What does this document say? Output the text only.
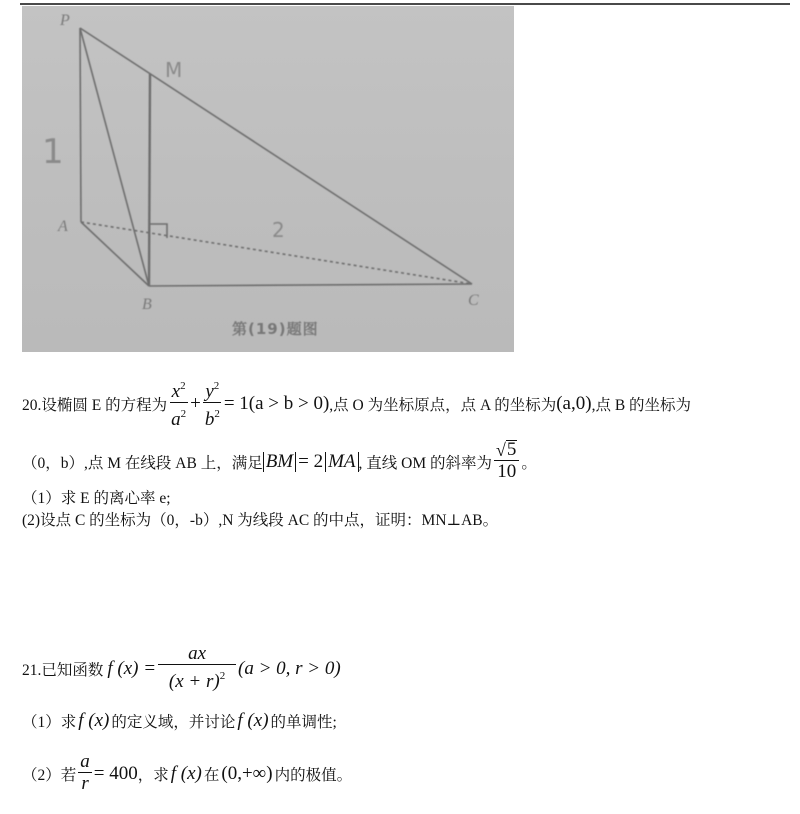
P
A
B	C
M
1
2
第(19)题图
20.设椭圆 E 的方程为 $\frac{x^2}{a^2} + \frac{y^2}{b^2} = 1(a > b > 0)$ ,点 O 为坐标原点，点 A 的坐标为 (a,0) ,点 B 的坐标为
（0，b）,点 M 在线段 AB 上，满足 BM = 2 MA , 直线 OM 的斜率为 $\frac{√ 5}{10}$ 。
（1）求 E 的离心率 e;
(2)设点 C 的坐标为（0，-b）,N 为线段 AC 的中点，证明：MN⊥AB。
21.已知函数 f $(x) = \frac{ax}{(x + r)^2} (a > 0$, r > 0)
（1）求 f (x) 的定义域，并讨论 f (x) 的单调性;
（2）若 $\frac{a}{r} = 400$ ，求 f (x) 在 (0,+∞) 内的极值。
